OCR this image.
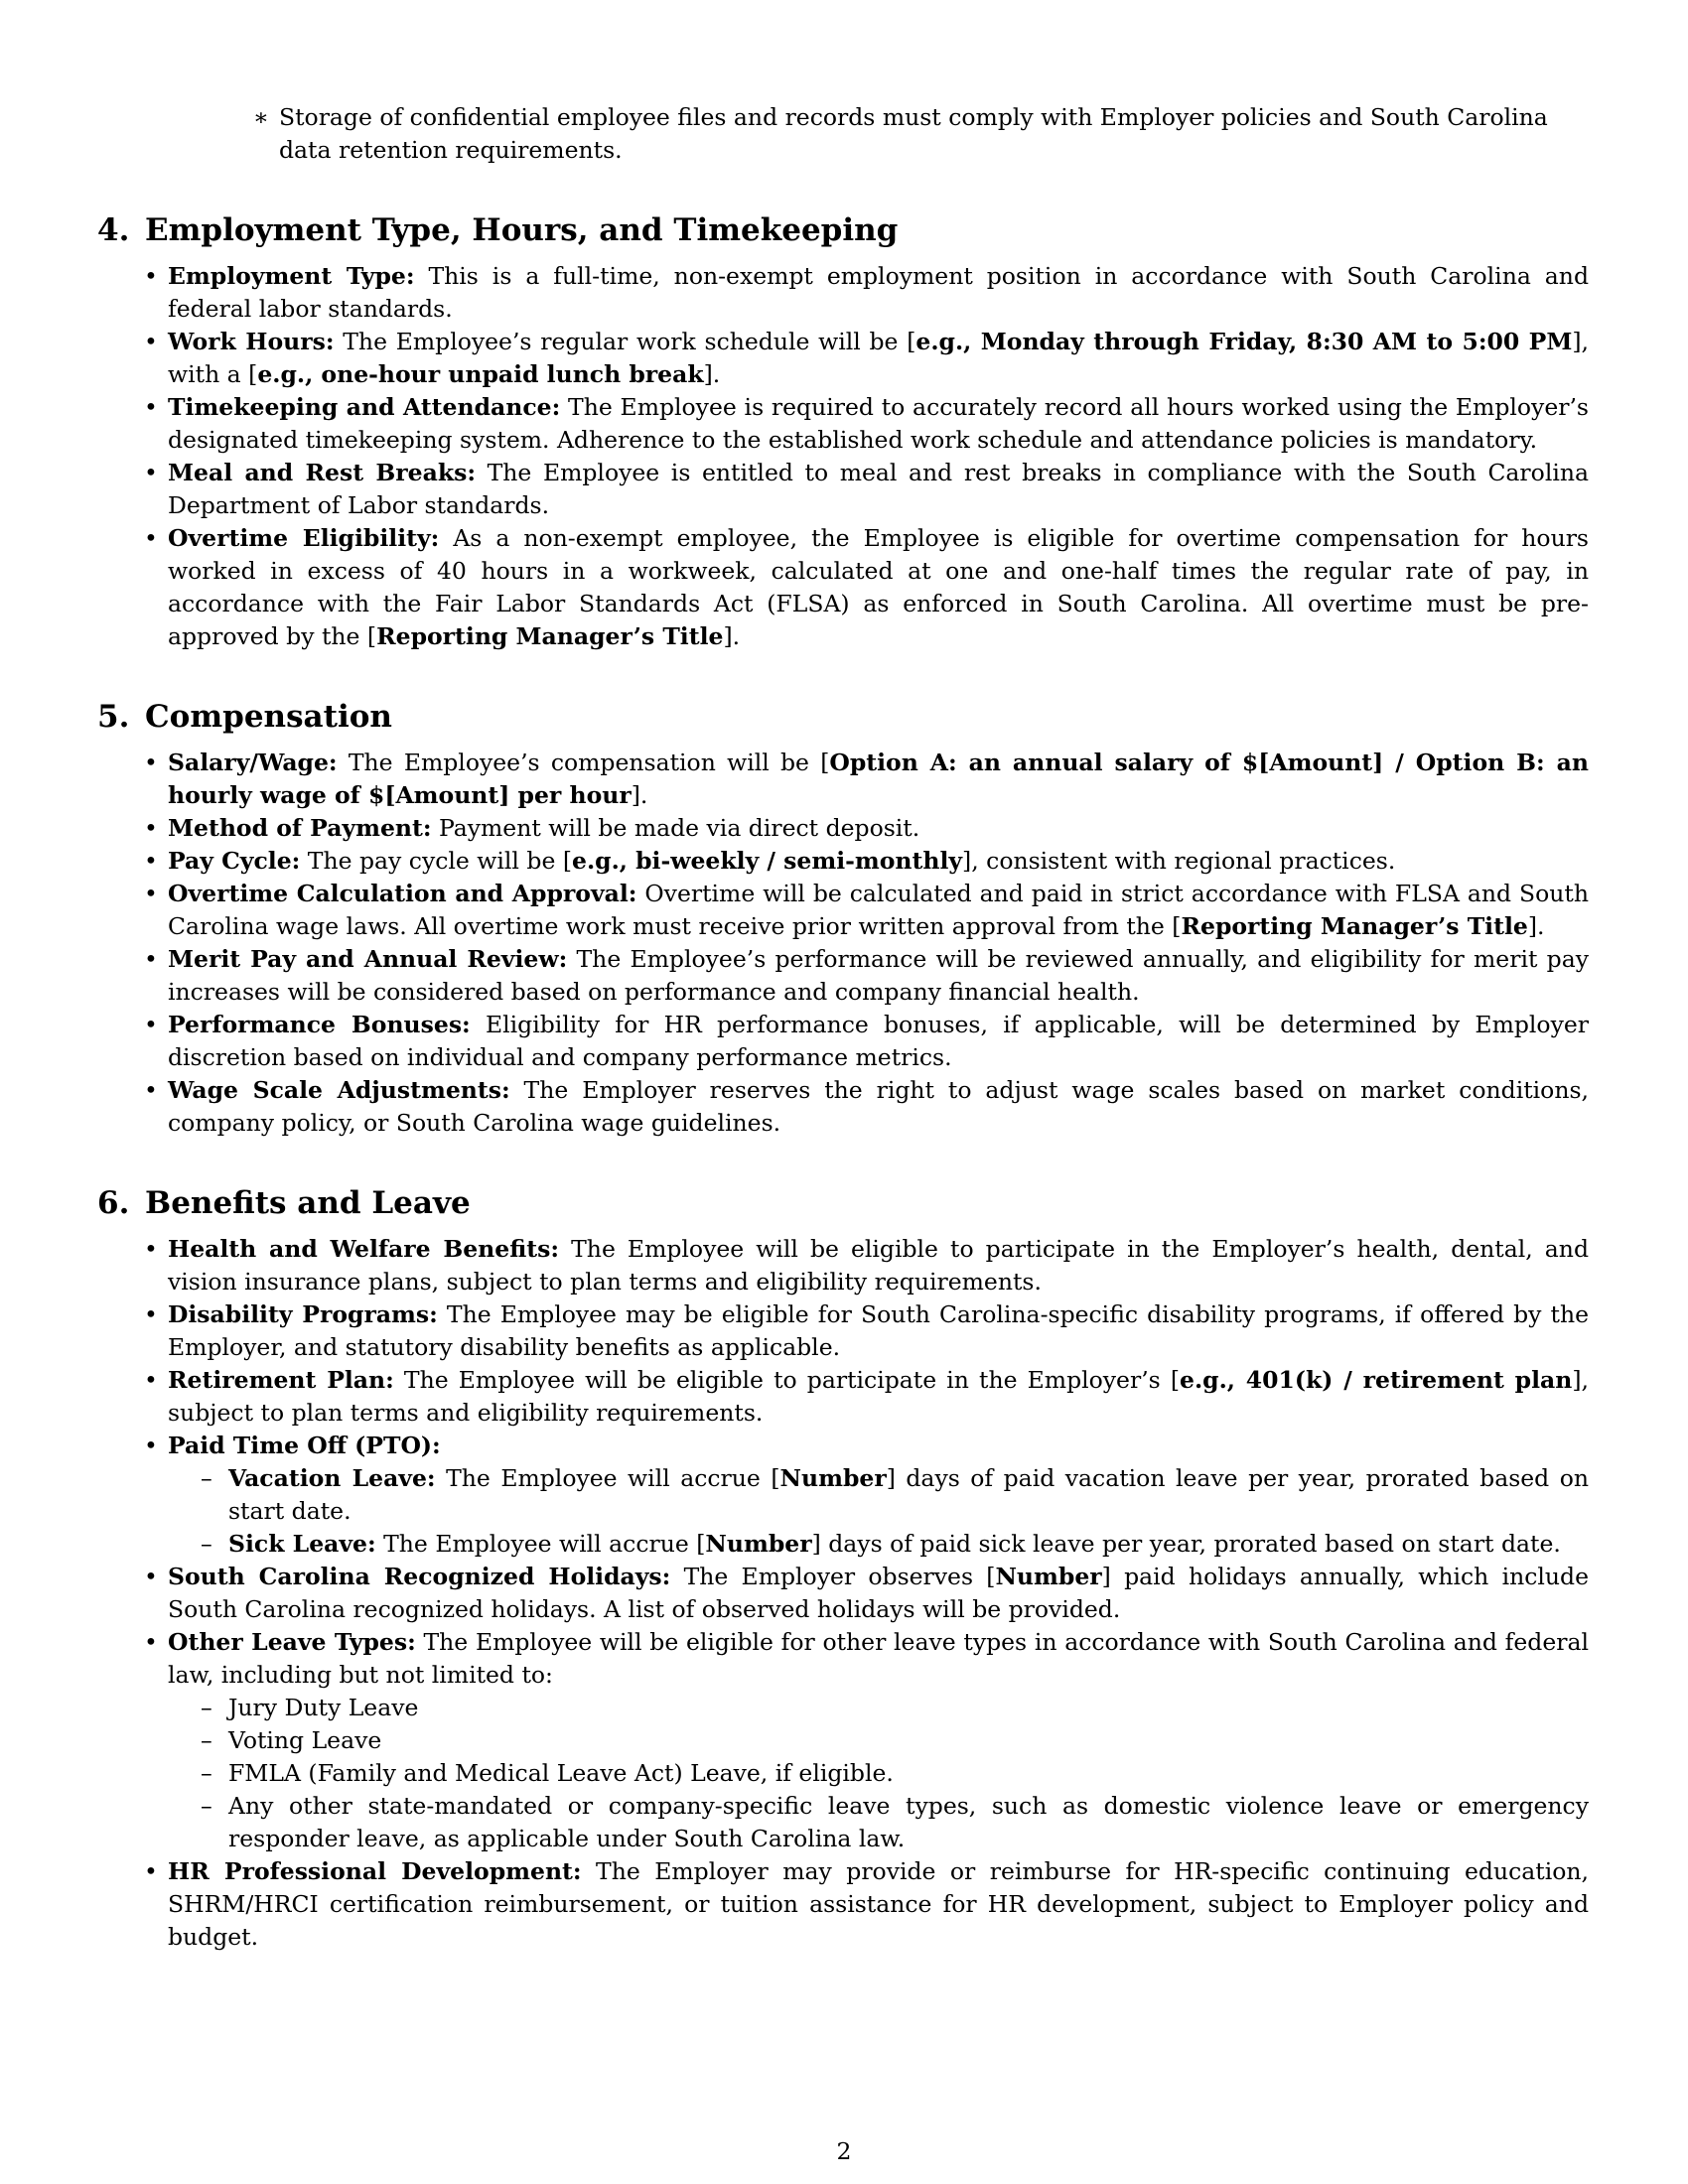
∗ Storage of confidential employee files and records must comply with Employer policies and South Carolina data retention requirements.
4. Employment Type, Hours, and Timekeeping
• Employment Type: This is a full-time, non-exempt employment position in accordance with South Carolina and federal labor standards.
• Work Hours: The Employee’s regular work schedule will be [e.g., Monday through Friday, 8:30 AM to 5:00 PM], with a [e.g., one-hour unpaid lunch break].
• Timekeeping and Attendance: The Employee is required to accurately record all hours worked using the Employer’s designated timekeeping system. Adherence to the established work schedule and attendance policies is mandatory.
• Meal and Rest Breaks: The Employee is entitled to meal and rest breaks in compliance with the South Carolina Department of Labor standards.
• Overtime Eligibility: As a non-exempt employee, the Employee is eligible for overtime compensation for hours worked in excess of 40 hours in a workweek, calculated at one and one-half times the regular rate of pay, in accordance with the Fair Labor Standards Act (FLSA) as enforced in South Carolina. All overtime must be pre-approved by the [Reporting Manager’s Title].
5. Compensation
• Salary/Wage: The Employee’s compensation will be [Option A: an annual salary of $[Amount] / Option B: an hourly wage of $[Amount] per hour].
• Method of Payment: Payment will be made via direct deposit.
• Pay Cycle: The pay cycle will be [e.g., bi-weekly / semi-monthly], consistent with regional practices.
• Overtime Calculation and Approval: Overtime will be calculated and paid in strict accordance with FLSA and South Carolina wage laws. All overtime work must receive prior written approval from the [Reporting Manager’s Title].
• Merit Pay and Annual Review: The Employee’s performance will be reviewed annually, and eligibility for merit pay increases will be considered based on performance and company financial health.
• Performance Bonuses: Eligibility for HR performance bonuses, if applicable, will be determined by Employer discretion based on individual and company performance metrics.
• Wage Scale Adjustments: The Employer reserves the right to adjust wage scales based on market conditions, company policy, or South Carolina wage guidelines.
6. Benefits and Leave
• Health and Welfare Benefits: The Employee will be eligible to participate in the Employer’s health, dental, and vision insurance plans, subject to plan terms and eligibility requirements.
• Disability Programs: The Employee may be eligible for South Carolina-specific disability programs, if offered by the Employer, and statutory disability benefits as applicable.
• Retirement Plan: The Employee will be eligible to participate in the Employer’s [e.g., 401(k) / retirement plan], subject to plan terms and eligibility requirements.
• Paid Time Off (PTO):
– Vacation Leave: The Employee will accrue [Number] days of paid vacation leave per year, prorated based on start date.
– Sick Leave: The Employee will accrue [Number] days of paid sick leave per year, prorated based on start date.
• South Carolina Recognized Holidays: The Employer observes [Number] paid holidays annually, which include South Carolina recognized holidays. A list of observed holidays will be provided.
• Other Leave Types: The Employee will be eligible for other leave types in accordance with South Carolina and federal law, including but not limited to:
– Jury Duty Leave
– Voting Leave
– FMLA (Family and Medical Leave Act) Leave, if eligible.
– Any other state-mandated or company-specific leave types, such as domestic violence leave or emergency responder leave, as applicable under South Carolina law.
• HR Professional Development: The Employer may provide or reimburse for HR-specific continuing education, SHRM/HRCI certification reimbursement, or tuition assistance for HR development, subject to Employer policy and budget.
2
